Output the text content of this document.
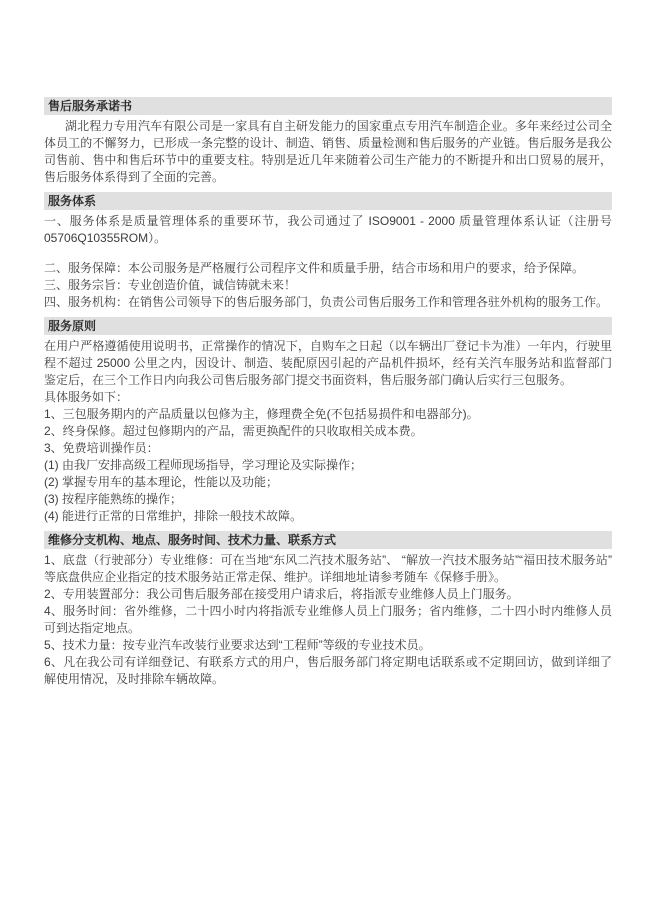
售后服务承诺书

湖北程力专用汽车有限公司是一家具有自主研发能力的国家重点专用汽车制造企业。多年来经过公司全体员工的不懈努力，已形成一条完整的设计、制造、销售、质量检测和售后服务的产业链。售后服务是我公司售前、售中和售后环节中的重要支柱。特别是近几年来随着公司生产能力的不断提升和出口贸易的展开，售后服务体系得到了全面的完善。

服务体系

一、服务体系是质量管理体系的重要环节，我公司通过了 ISO9001 - 2000 质量管理体系认证（注册号 05706Q10355ROM）。

二、服务保障：本公司服务是严格履行公司程序文件和质量手册，结合市场和用户的要求，给予保障。

三、服务宗旨：专业创造价值，诚信铸就未来！

四、服务机构：在销售公司领导下的售后服务部门，负责公司售后服务工作和管理各驻外机构的服务工作。

服务原则

在用户严格遵循使用说明书，正常操作的情况下，自购车之日起（以车辆出厂登记卡为准）一年内，行驶里程不超过 25000 公里之内，因设计、制造、装配原因引起的产品机件损坏，经有关汽车服务站和监督部门鉴定后，在三个工作日内向我公司售后服务部门提交书面资料，售后服务部门确认后实行三包服务。

具体服务如下：

1、三包服务期内的产品质量以包修为主，修理费全免(不包括易损件和电器部分)。

2、终身保修。超过包修期内的产品，需更换配件的只收取相关成本费。

3、免费培训操作员：

(1) 由我厂安排高级工程师现场指导，学习理论及实际操作；

(2) 掌握专用车的基本理论，性能以及功能；

(3) 按程序能熟练的操作；

(4) 能进行正常的日常维护，排除一般技术故障。

维修分支机构、地点、服务时间、技术力量、联系方式

1、底盘（行驶部分）专业维修：可在当地“东风二汽技术服务站”、 “解放一汽技术服务站”“福田技术服务站”等底盘供应企业指定的技术服务站正常走保、维护。详细地址请参考随车《保修手册》。

2、专用装置部分：我公司售后服务部在接受用户请求后，将指派专业维修人员上门服务。

4、服务时间：省外维修，二十四小时内将指派专业维修人员上门服务；省内维修，二十四小时内维修人员可到达指定地点。

5、技术力量：按专业汽车改装行业要求达到“工程师”等级的专业技术员。

6、凡在我公司有详细登记、有联系方式的用户，售后服务部门将定期电话联系或不定期回访，做到详细了解使用情况，及时排除车辆故障。
